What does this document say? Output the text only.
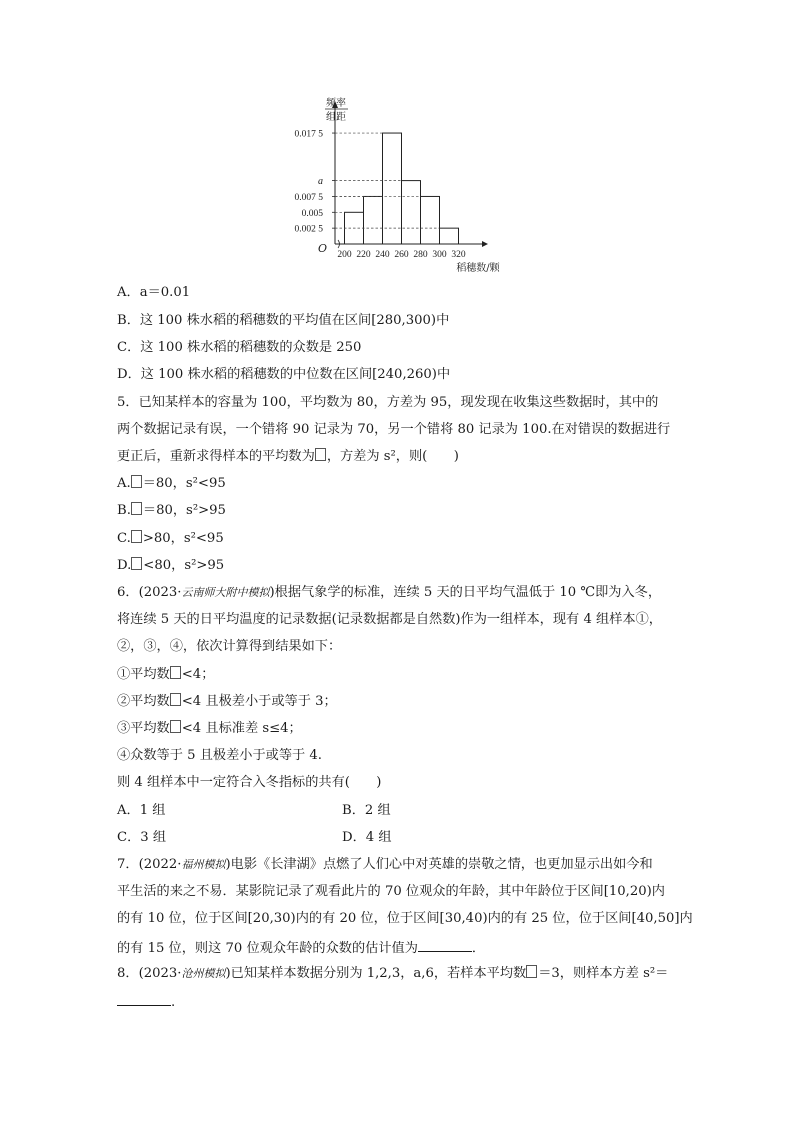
频率
组距
0.017 5
a
0.007 5
0.005
0.002 5
200 220 240 260 280 300 320
O
稻穗数/颗
A．a＝0.01
B．这 100 株水稻的稻穗数的平均值在区间[280,300)中
C．这 100 株水稻的稻穗数的众数是 250
D．这 100 株水稻的稻穗数的中位数在区间[240,260)中
5．已知某样本的容量为 100，平均数为 80，方差为 95，现发现在收集这些数据时，其中的
两个数据记录有误，一个错将 90 记录为 70，另一个错将 80 记录为 100.在对错误的数据进行
更正后，重新求得样本的平均数为 ，方差为 s²，则(　　)
A. ＝80，s²<95
B. ＝80，s²>95
C. >80，s²<95
D. <80，s²>95
6．(2023·云南师大附中模拟)根据气象学的标准，连续 5 天的日平均气温低于 10 ℃即为入冬，
将连续 5 天的日平均温度的记录数据(记录数据都是自然数)作为一组样本，现有 4 组样本①，
②，③，④，依次计算得到结果如下：
①平均数 <4；
②平均数 <4 且极差小于或等于 3；
③平均数 <4 且标准差 s≤4；
④众数等于 5 且极差小于或等于 4.
则 4 组样本中一定符合入冬指标的共有(　　)
A．1 组	B．2 组
C．3 组	D．4 组
7．(2022·福州模拟)电影《长津湖》点燃了人们心中对英雄的崇敬之情，也更加显示出如今和
平生活的来之不易．某影院记录了观看此片的 70 位观众的年龄，其中年龄位于区间[10,20)内
的有 10 位，位于区间[20,30)内的有 20 位，位于区间[30,40)内的有 25 位，位于区间[40,50]内
的有 15 位，则这 70 位观众年龄的众数的估计值为	．
8．(2023·沧州模拟)已知某样本数据分别为 1,2,3，a,6，若样本平均数 ＝3，则样本方差 s²＝
.
